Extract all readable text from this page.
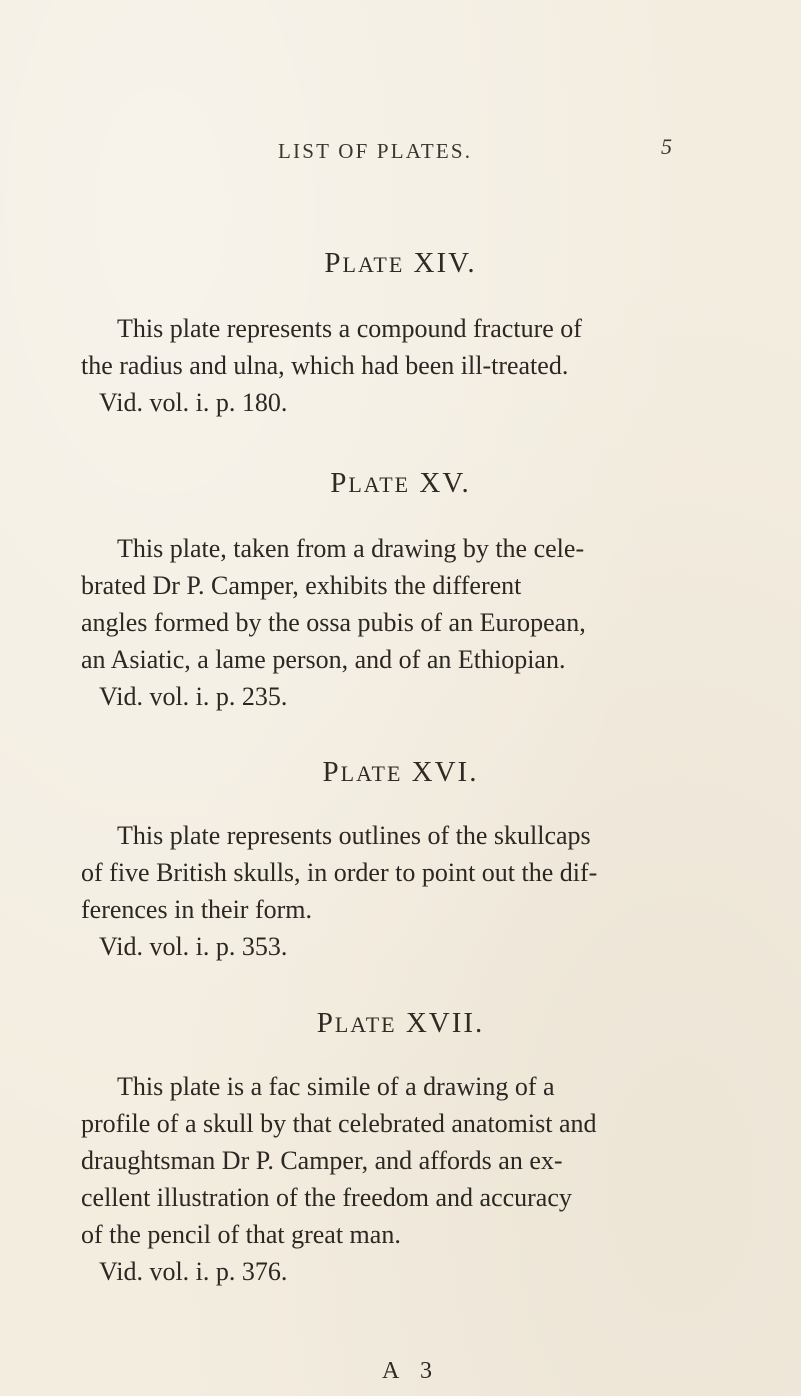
LIST OF PLATES.	5
PLATE XIV.
This plate represents a compound fracture of
the radius and ulna, which had been ill-treated.
Vid. vol. i. p. 180.
PLATE XV.
This plate, taken from a drawing by the cele-
brated Dr P. Camper, exhibits the different
angles formed by the ossa pubis of an European,
an Asiatic, a lame person, and of an Ethiopian.
Vid. vol. i. p. 235.
PLATE XVI.
This plate represents outlines of the skullcaps
of five British skulls, in order to point out the dif-
ferences in their form.
Vid. vol. i. p. 353.
PLATE XVII.
This plate is a fac simile of a drawing of a
profile of a skull by that celebrated anatomist and
draughtsman Dr P. Camper, and affords an ex-
cellent illustration of the freedom and accuracy
of the pencil of that great man.
Vid. vol. i. p. 376.
A 3
